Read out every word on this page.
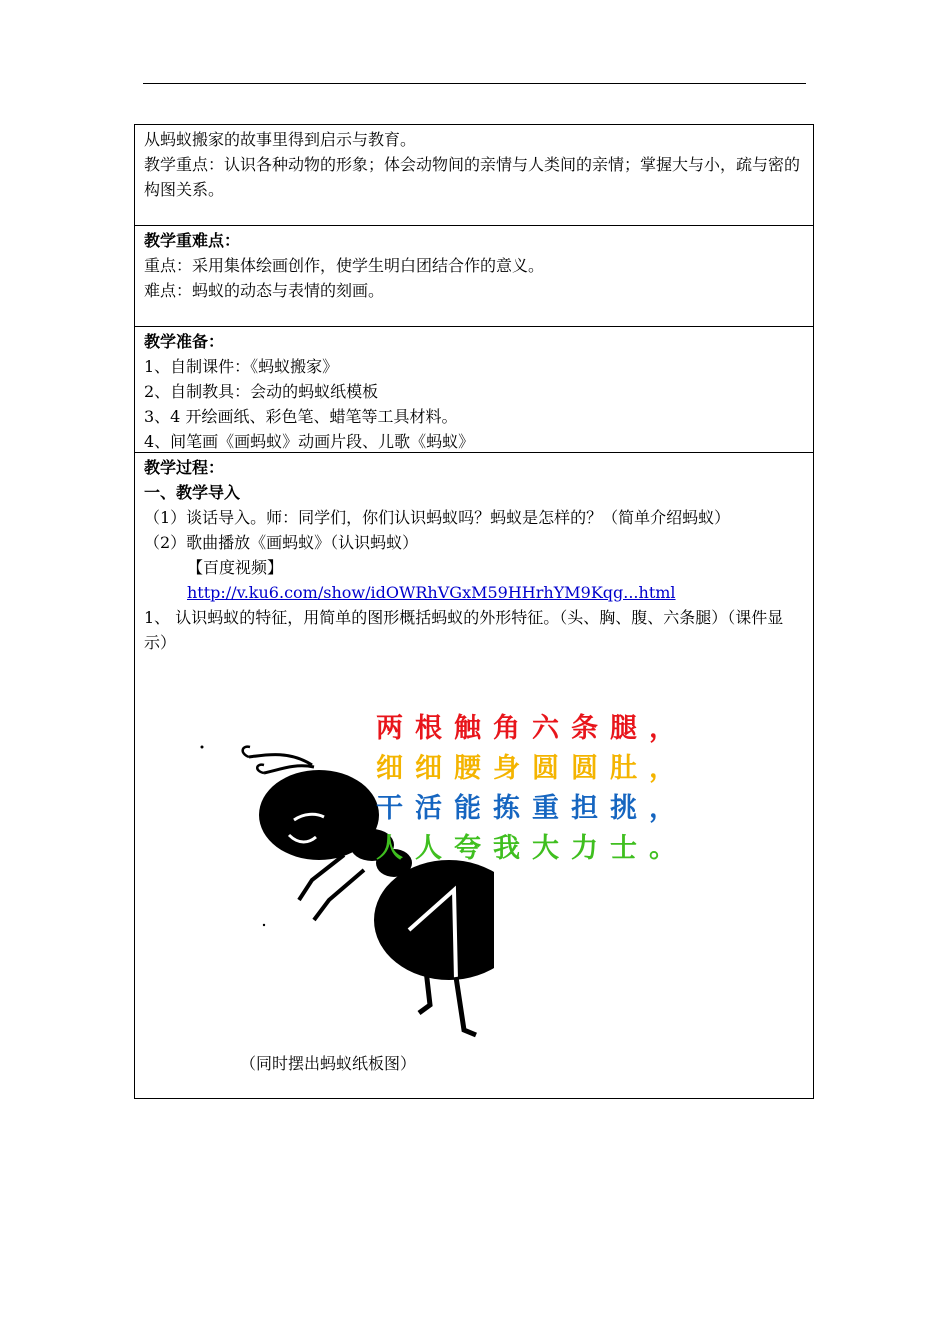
从蚂蚁搬家的故事里得到启示与教育。

教学重点：认识各种动物的形象；体会动物间的亲情与人类间的亲情；掌握大与小，疏与密的构图关系。

教学重难点：

重点：采用集体绘画创作，使学生明白团结合作的意义。

难点：蚂蚁的动态与表情的刻画。

教学准备：

1、自制课件：《蚂蚁搬家》

2、自制教具：会动的蚂蚁纸模板

3、4 开绘画纸、彩色笔、蜡笔等工具材料。

4、间笔画《画蚂蚁》动画片段、儿歌《蚂蚁》

教学过程：

一、教学导入

（1）谈话导入。师：同学们，你们认识蚂蚁吗？蚂蚁是怎样的？（简单介绍蚂蚁）

（2）歌曲播放《画蚂蚁》（认识蚂蚁）

【百度视频】

http://v.ku6.com/show/idOWRhVGxM59HHrhYM9Kqg...html

1、 认识蚂蚁的特征，用简单的图形概括蚂蚁的外形特征。（头、胸、腹、六条腿）（课件显示）

两根触角六条腿，
细细腰身圆圆肚，
干活能拣重担挑，
人人夸我大力士。

（同时摆出蚂蚁纸板图）
